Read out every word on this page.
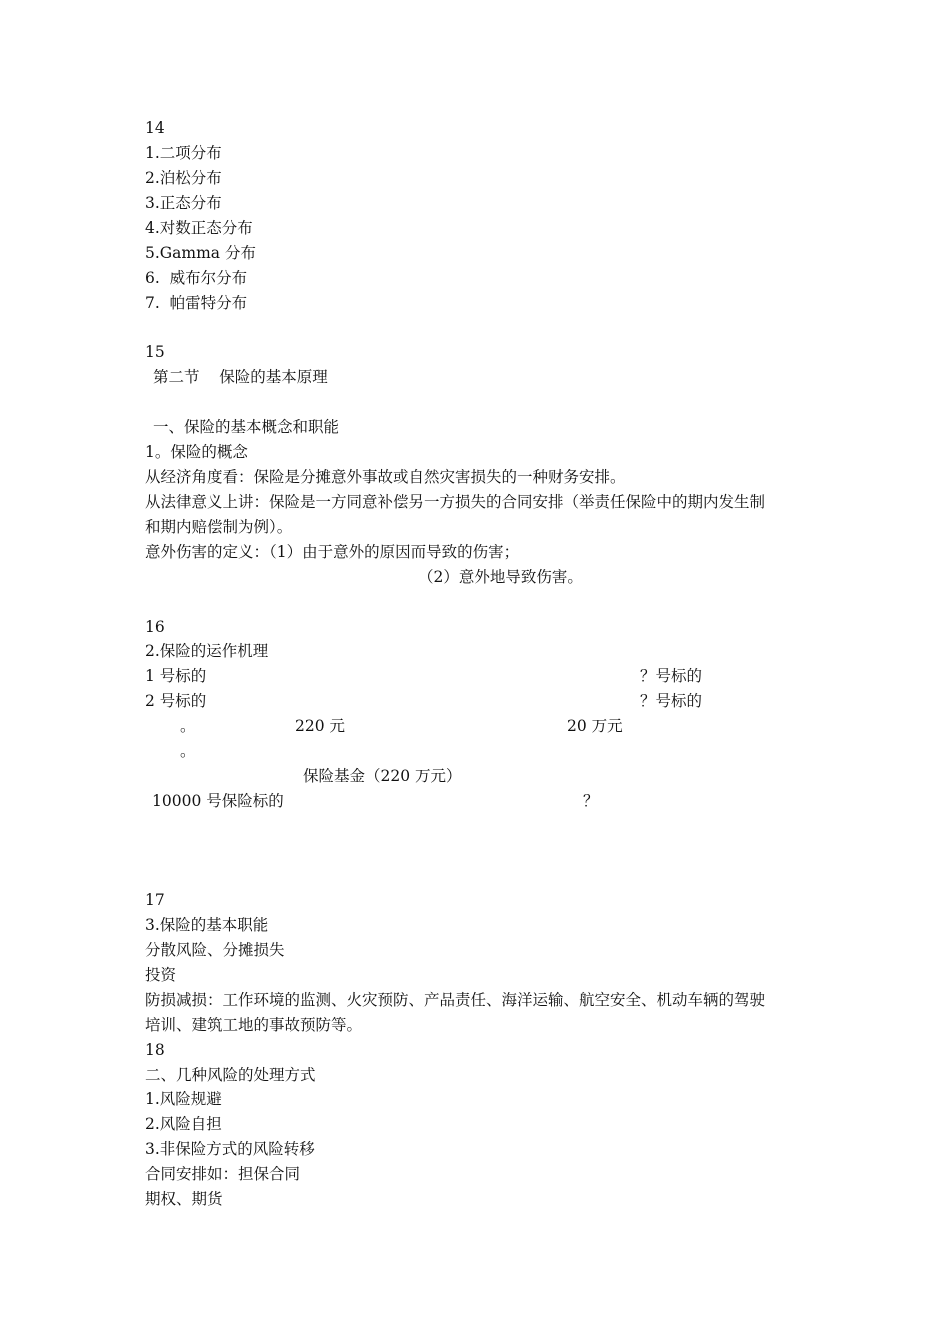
14
1.二项分布
2.泊松分布
3.正态分布
4.对数正态分布
5.Gamma 分布
6.  威布尔分布
7.  帕雷特分布
15
第二节    保险的基本原理
一、保险的基本概念和职能
1。保险的概念
从经济角度看：保险是分摊意外事故或自然灾害损失的一种财务安排。
从法律意义上讲：保险是一方同意补偿另一方损失的合同安排（举责任保险中的期内发生制
和期内赔偿制为例）。
意外伤害的定义：（1）由于意外的原因而导致的伤害；
（2）意外地导致伤害。
16
2.保险的运作机理
1 号标的	？号标的
2 号标的	？号标的
。	220 元	20 万元
。
保险基金（220 万元）
10000 号保险标的	？
17
3.保险的基本职能
分散风险、分摊损失
投资
防损减损：工作环境的监测、火灾预防、产品责任、海洋运输、航空安全、机动车辆的驾驶
培训、建筑工地的事故预防等。
18
二、几种风险的处理方式
1.风险规避
2.风险自担
3.非保险方式的风险转移
合同安排如：担保合同
期权、期货
